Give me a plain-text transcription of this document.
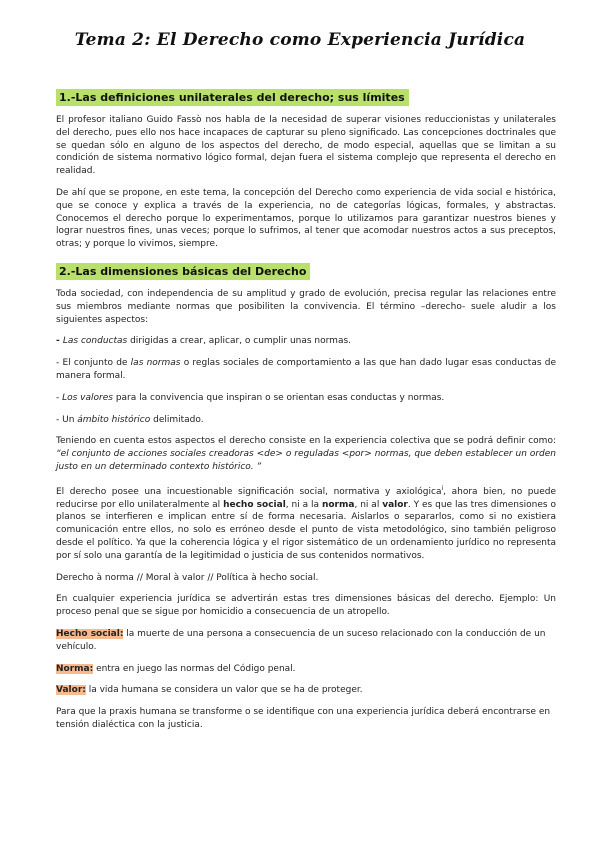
Tema 2: El Derecho como Experiencia Jurídica
1.-Las definiciones unilaterales del derecho; sus límites

El profesor italiano Guido Fassò nos habla de la necesidad de superar visiones reduccionistas y unilaterales del derecho, pues ello nos hace incapaces de capturar su pleno significado. Las concepciones doctrinales que se quedan sólo en alguno de los aspectos del derecho, de modo especial, aquellas que se limitan a su condición de sistema normativo lógico formal, dejan fuera el sistema complejo que representa el derecho en realidad.

De ahí que se propone, en este tema, la concepción del Derecho como experiencia de vida social e histórica, que se conoce y explica a través de la experiencia, no de categorías lógicas, formales, y abstractas. Conocemos el derecho porque lo experimentamos, porque lo utilizamos para garantizar nuestros bienes y lograr nuestros fines, unas veces; porque lo sufrimos, al tener que acomodar nuestros actos a sus preceptos, otras; y porque lo vivimos, siempre.

2.-Las dimensiones básicas del Derecho

Toda sociedad, con independencia de su amplitud y grado de evolución, precisa regular las relaciones entre sus miembros mediante normas que posibiliten la convivencia. El término –derecho- suele aludir a los siguientes aspectos:

- Las conductas dirigidas a crear, aplicar, o cumplir unas normas.

- El conjunto de las normas o reglas sociales de comportamiento a las que han dado lugar esas conductas de manera formal.

- Los valores para la convivencia que inspiran o se orientan esas conductas y normas.

- Un ámbito histórico delimitado.

Teniendo en cuenta estos aspectos el derecho consiste en la experiencia colectiva que se podrá definir como: “el conjunto de acciones sociales creadoras <de> o reguladas <por> normas, que deben establecer un orden justo en un determinado contexto histórico. ”

El derecho posee una incuestionable significación social, normativa y axiológica$^i$, ahora bien, no puede reducirse por ello unilateralmente al hecho social, ni a la norma, ni al valor. Y es que las tres dimensiones o planos se interfieren e implican entre sí de forma necesaria. Aislarlos o separarlos, como si no existiera comunicación entre ellos, no solo es erróneo desde el punto de vista metodológico, sino también peligroso desde el político. Ya que la coherencia lógica y el rigor sistemático de un ordenamiento jurídico no representa por sí solo una garantía de la legitimidad o justicia de sus contenidos normativos.

Derecho à norma // Moral à valor // Política à hecho social.

En cualquier experiencia jurídica se advertirán estas tres dimensiones básicas del derecho. Ejemplo: Un proceso penal que se sigue por homicidio a consecuencia de un atropello.

Hecho social: la muerte de una persona a consecuencia de un suceso relacionado con la conducción de un vehículo.

Norma: entra en juego las normas del Código penal.

Valor: la vida humana se considera un valor que se ha de proteger.

Para que la praxis humana se transforme o se identifique con una experiencia jurídica deberá encontrarse en tensión dialéctica con la justicia.
